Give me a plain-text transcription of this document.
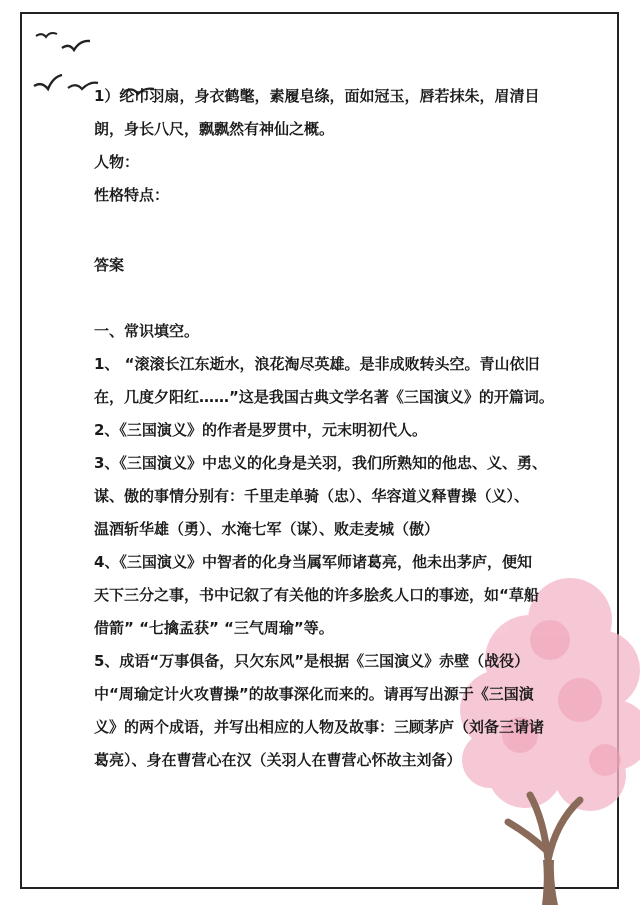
1）纶巾羽扇，身衣鹤氅，素履皂绦，面如冠玉，唇若抹朱，眉清目
朗，身长八尺，飘飘然有神仙之概。
人物：
性格特点：
答案
一、常识填空。
1、 “滚滚长江东逝水，浪花淘尽英雄。是非成败转头空。青山依旧
在，几度夕阳红……”这是我国古典文学名著《三国演义》的开篇词。
2、《三国演义》的作者是罗贯中，元末明初代人。
3、《三国演义》中忠义的化身是关羽，我们所熟知的他忠、义、勇、
谋、傲的事情分别有：千里走单骑（忠）、华容道义释曹操（义）、
温酒斩华雄（勇）、水淹七军（谋）、败走麦城（傲）
4、《三国演义》中智者的化身当属军师诸葛亮，他未出茅庐，便知
天下三分之事，书中记叙了有关他的许多脍炙人口的事迹，如“草船
借箭” “七擒孟获” “三气周瑜”等。
5、成语“万事俱备，只欠东风”是根据《三国演义》赤壁（战役）
中“周瑜定计火攻曹操”的故事深化而来的。请再写出源于《三国演
义》的两个成语，并写出相应的人物及故事：三顾茅庐（刘备三请诸
葛亮）、身在曹营心在汉（关羽人在曹营心怀故主刘备）
